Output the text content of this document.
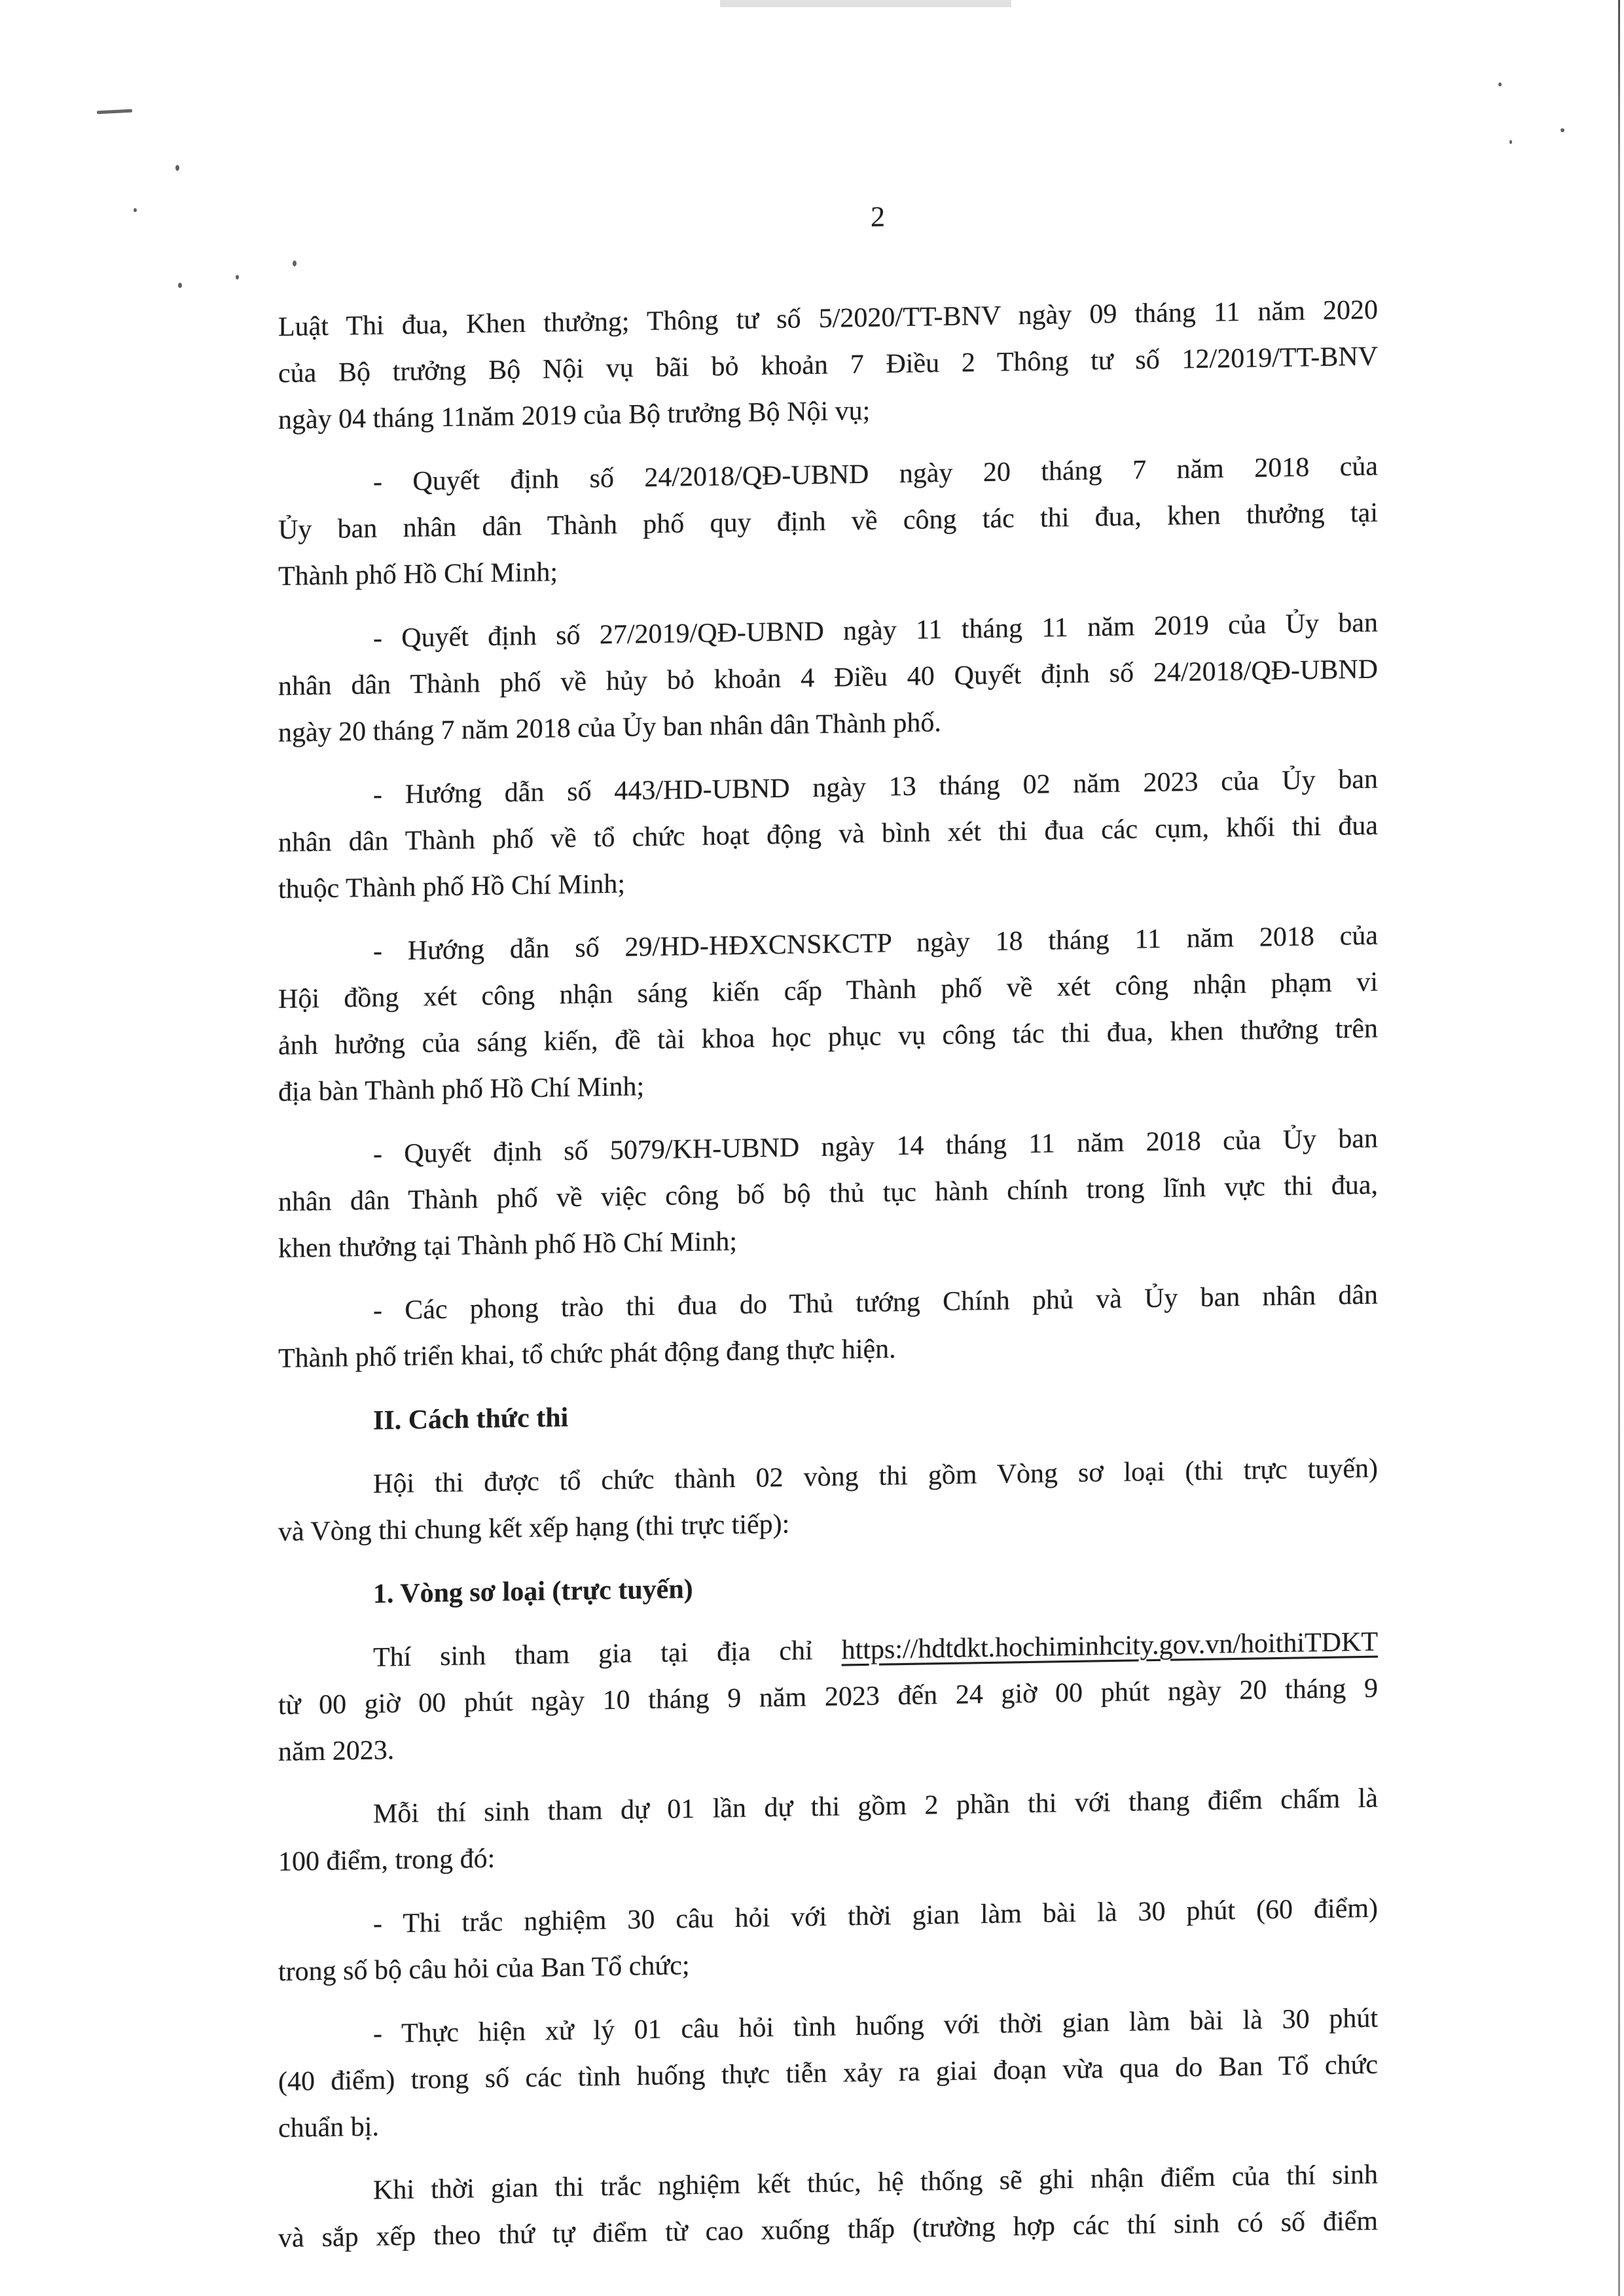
2
Luật Thi đua, Khen thưởng; Thông tư số 5/2020/TT-BNV ngày 09 tháng 11 năm 2020
của Bộ trưởng Bộ Nội vụ bãi bỏ khoản 7 Điều 2 Thông tư số 12/2019/TT-BNV
ngày 04 tháng 11năm 2019 của Bộ trưởng Bộ Nội vụ;
- Quyết định số 24/2018/QĐ-UBND ngày 20 tháng 7 năm 2018 của
Ủy ban nhân dân Thành phố quy định về công tác thi đua, khen thưởng tại
Thành phố Hồ Chí Minh;
- Quyết định số 27/2019/QĐ-UBND ngày 11 tháng 11 năm 2019 của Ủy ban
nhân dân Thành phố về hủy bỏ khoản 4 Điều 40 Quyết định số 24/2018/QĐ-UBND
ngày 20 tháng 7 năm 2018 của Ủy ban nhân dân Thành phố.
- Hướng dẫn số 443/HD-UBND ngày 13 tháng 02 năm 2023 của Ủy ban
nhân dân Thành phố về tổ chức hoạt động và bình xét thi đua các cụm, khối thi đua
thuộc Thành phố Hồ Chí Minh;
- Hướng dẫn số 29/HD-HĐXCNSKCTP ngày 18 tháng 11 năm 2018 của
Hội đồng xét công nhận sáng kiến cấp Thành phố về xét công nhận phạm vi
ảnh hưởng của sáng kiến, đề tài khoa học phục vụ công tác thi đua, khen thưởng trên
địa bàn Thành phố Hồ Chí Minh;
- Quyết định số 5079/KH-UBND ngày 14 tháng 11 năm 2018 của Ủy ban
nhân dân Thành phố về việc công bố bộ thủ tục hành chính trong lĩnh vực thi đua,
khen thưởng tại Thành phố Hồ Chí Minh;
- Các phong trào thi đua do Thủ tướng Chính phủ và Ủy ban nhân dân
Thành phố triển khai, tổ chức phát động đang thực hiện.
II. Cách thức thi
Hội thi được tổ chức thành 02 vòng thi gồm Vòng sơ loại (thi trực tuyến)
và Vòng thi chung kết xếp hạng (thi trực tiếp):
1. Vòng sơ loại (trực tuyến)
Thí sinh tham gia tại địa chỉ https://hdtdkt.hochiminhcity.gov.vn/hoithiTDKT
từ 00 giờ 00 phút ngày 10 tháng 9 năm 2023 đến 24 giờ 00 phút ngày 20 tháng 9
năm 2023.
Mỗi thí sinh tham dự 01 lần dự thi gồm 2 phần thi với thang điểm chấm là
100 điểm, trong đó:
- Thi trắc nghiệm 30 câu hỏi với thời gian làm bài là 30 phút (60 điểm)
trong số bộ câu hỏi của Ban Tổ chức;
- Thực hiện xử lý 01 câu hỏi tình huống với thời gian làm bài là 30 phút
(40 điểm) trong số các tình huống thực tiễn xảy ra giai đoạn vừa qua do Ban Tổ chức
chuẩn bị.
Khi thời gian thi trắc nghiệm kết thúc, hệ thống sẽ ghi nhận điểm của thí sinh
và sắp xếp theo thứ tự điểm từ cao xuống thấp (trường hợp các thí sinh có số điểm
